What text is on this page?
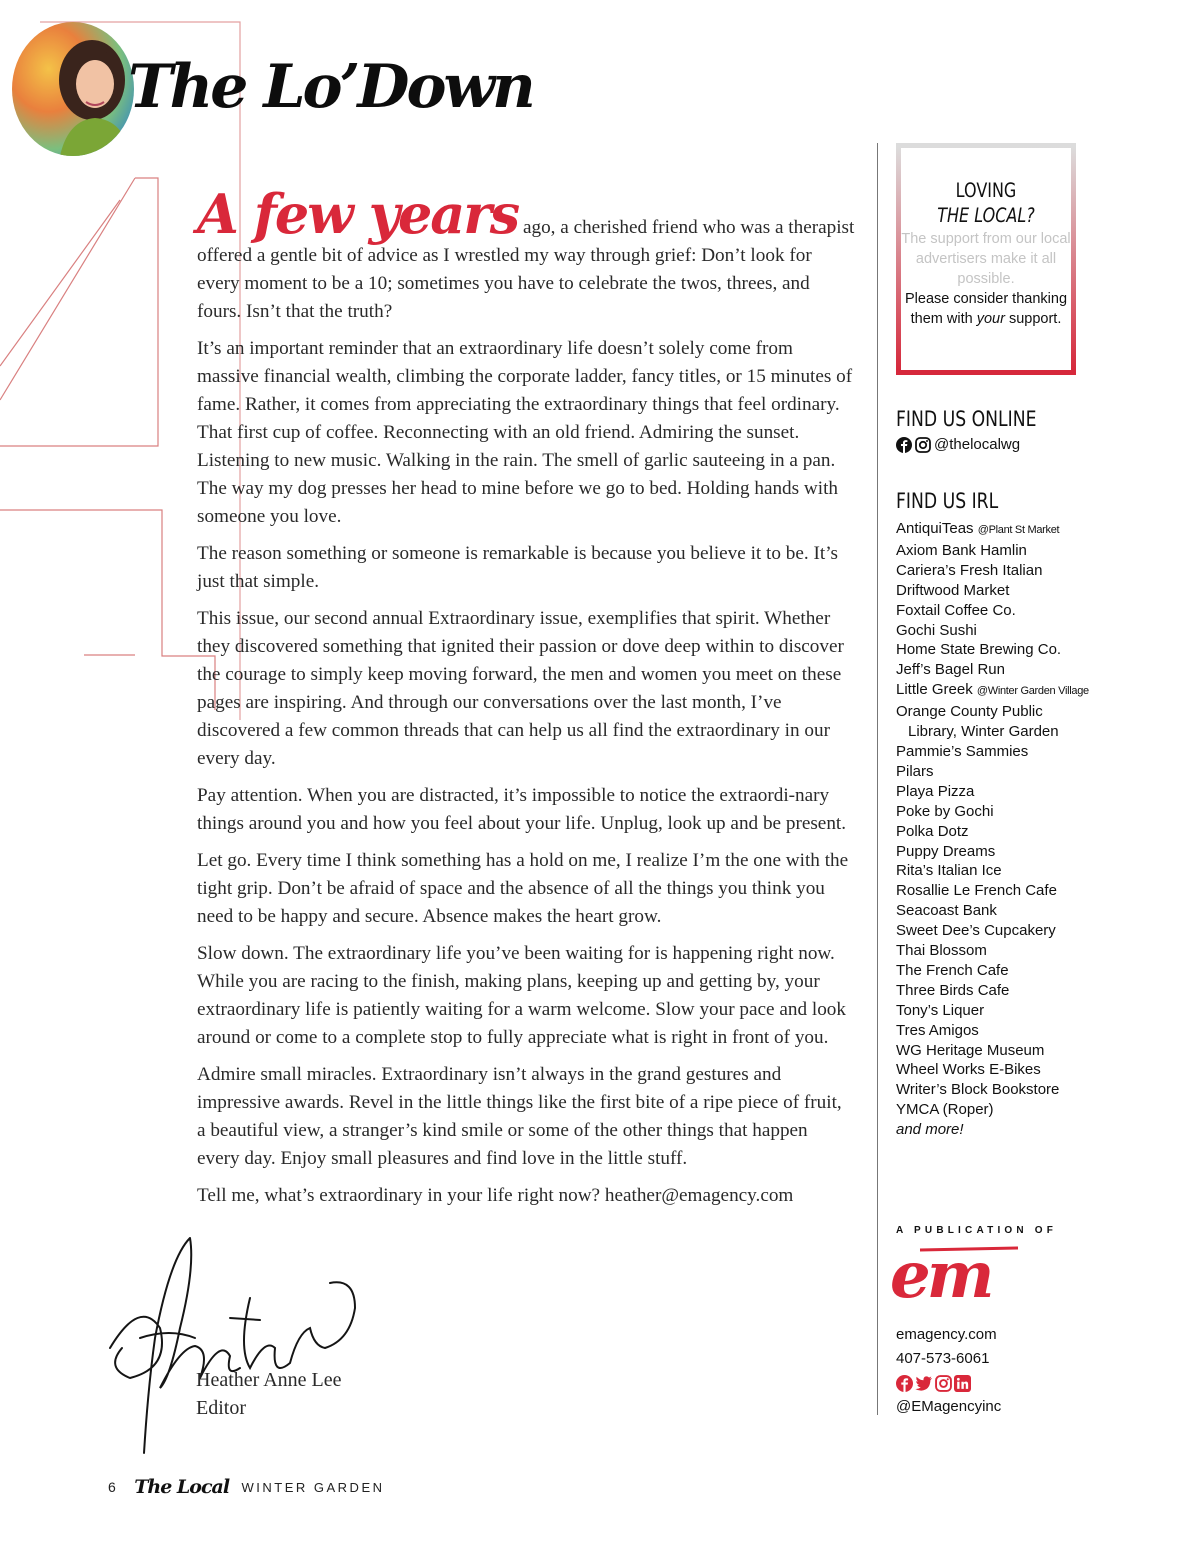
The Lo’Down

A few years ago, a cherished friend who was a therapist offered a gentle bit of advice as I wrestled my way through grief: Don’t look for every moment to be a 10; sometimes you have to celebrate the twos, threes, and fours. Isn’t that the truth?

It’s an important reminder that an extraordinary life doesn’t solely come from massive financial wealth, climbing the corporate ladder, fancy titles, or 15 minutes of fame. Rather, it comes from appreciating the extraordinary things that feel ordinary. That first cup of coffee. Reconnecting with an old friend. Admiring the sunset. Listening to new music. Walking in the rain. The smell of garlic sauteeing in a pan. The way my dog presses her head to mine before we go to bed. Holding hands with someone you love.

The reason something or someone is remarkable is because you believe it to be. It’s just that simple.

This issue, our second annual Extraordinary issue, exemplifies that spirit. Whether they discovered something that ignited their passion or dove deep within to discover the courage to simply keep moving forward, the men and women you meet on these pages are inspiring. And through our conversations over the last month, I’ve discovered a few common threads that can help us all find the extraordinary in our every day.

Pay attention. When you are distracted, it’s impossible to notice the extraordi-nary things around you and how you feel about your life. Unplug, look up and be present.

Let go. Every time I think something has a hold on me, I realize I’m the one with the tight grip. Don’t be afraid of space and the absence of all the things you think you need to be happy and secure. Absence makes the heart grow.

Slow down. The extraordinary life you’ve been waiting for is happening right now. While you are racing to the finish, making plans, keeping up and getting by, your extraordinary life is patiently waiting for a warm welcome. Slow your pace and look around or come to a complete stop to fully appreciate what is right in front of you.

Admire small miracles. Extraordinary isn’t always in the grand gestures and impressive awards. Revel in the little things like the first bite of a ripe piece of fruit, a beautiful view, a stranger’s kind smile or some of the other things that happen every day. Enjoy small pleasures and find love in the little stuff.

Tell me, what’s extraordinary in your life right now? heather@emagency.com

Heather Anne Lee
Editor
6 The Local WINTER GARDEN
LOVING
THE LOCAL?
The support from our local advertisers make it all possible.
Please consider thanking them with your support.
FIND US ONLINE
@thelocalwg
FIND US IRL
AntiquiTeas @Plant St Market
Axiom Bank Hamlin
Cariera’s Fresh Italian
Driftwood Market
Foxtail Coffee Co.
Gochi Sushi
Home State Brewing Co.
Jeff’s Bagel Run
Little Greek @Winter Garden Village
Orange County Public
Library, Winter Garden
Pammie’s Sammies
Pilars
Playa Pizza
Poke by Gochi
Polka Dotz
Puppy Dreams
Rita’s Italian Ice
Rosallie Le French Cafe
Seacoast Bank
Sweet Dee’s Cupcakery
Thai Blossom
The French Cafe
Three Birds Cafe
Tony’s Liquer
Tres Amigos
WG Heritage Museum
Wheel Works E-Bikes
Writer’s Block Bookstore
YMCA (Roper)
and more!
A PUBLICATION OF
em
emagency.com
407-573-6061
@EMagencyinc
